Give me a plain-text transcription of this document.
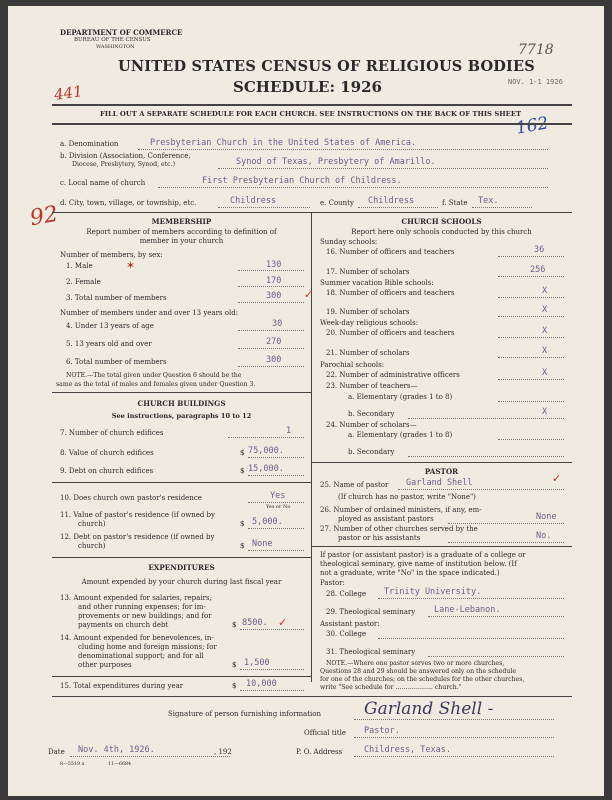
DEPARTMENT OF COMMERCE
BUREAU OF THE CENSUS
WASHINGTON
UNITED STATES CENSUS OF RELIGIOUS BODIES
SCHEDULE: 1926
7718
NOV. 1-1 1926
441
162
92
FILL OUT A SEPARATE SCHEDULE FOR EACH CHURCH. SEE INSTRUCTIONS ON THE BACK OF THIS SHEET
a. Denomination	Presbyterian Church in the United States of America.
b. Division (Association, Conference,
Diocese, Presbytery, Synod, etc.)	Synod of Texas, Presbytery of Amarillo.
c. Local name of church	First Presbyterian Church of Childress.
d. City, town, village, or township, etc.	Childress	e. County Childress	f. State Tex.
MEMBERSHIP
Report number of members according to definition of
member in your church
Number of members, by sex:
1. Male	✶	130
2. Female	170
3. Total number of members	300 ✓
Number of members under and over 13 years old:
4. Under 13 years of age	30
5. 13 years old and over	270
6. Total number of members	300
NOTE.—The total given under Question 6 should be the
same as the total of males and females given under Question 3.
CHURCH BUILDINGS
See instructions, paragraphs 10 to 12
7. Number of church edifices	1
8. Value of church edifices	$ 75,000.
9. Debt on church edifices	$ 15,000.
10. Does church own pastor's residence	Yes
Yes or No
11. Value of pastor's residence (if owned by
church)	$ 5,000.
12. Debt on pastor's residence (if owned by
church)	$ None
EXPENDITURES
Amount expended by your church during last fiscal year
13. Amount expended for salaries, repairs,
and other running expenses; for im-
provements or new buildings; and for
payments on church debt	$ 8500. ✓
14. Amount expended for benevolences, in-
cluding home and foreign missions; for
denominational support; and for all
other purposes	$ 1,500
15. Total expenditures during year	$ 10,000
CHURCH SCHOOLS
Report here only schools conducted by this church
Sunday schools:
16. Number of officers and teachers	36
17. Number of scholars	256
Summer vacation Bible schools:
18. Number of officers and teachers	X
19. Number of scholars	X
Week-day religious schools:
20. Number of officers and teachers	X
21. Number of scholars	X
Parochial schools:
22. Number of administrative officers	X
23. Number of teachers—
a. Elementary (grades 1 to 8)
b. Secondary	X
24. Number of scholars—
a. Elementary (grades 1 to 8)
b. Secondary
PASTOR
25. Name of pastor Garland Shell	✓
(If church has no pastor, write "None")
26. Number of ordained ministers, if any, em-
ployed as assistant pastors	None
27. Number of other churches served by the
pastor or his assistants	No.
If pastor (or assistant pastor) is a graduate of a college or
theological seminary, give name of institution below. (If
not a graduate, write "No" in the space indicated.)
Pastor:
28. College Trinity University.
29. Theological seminary Lane-Lebanon.
Assistant pastor:
30. College
31. Theological seminary
NOTE.—Where one pastor serves two or more churches,
Questions 28 and 29 should be answered only on the schedule
for one of the churches; on the schedules for the other churches,
write "See schedule for ................... church."
Signature of person furnishing information	Garland Shell -
Official title Pastor.
Date Nov. 4th, 1926.	, 192	P. O. Address	Childress, Texas.
8—5519 a	11—6684
